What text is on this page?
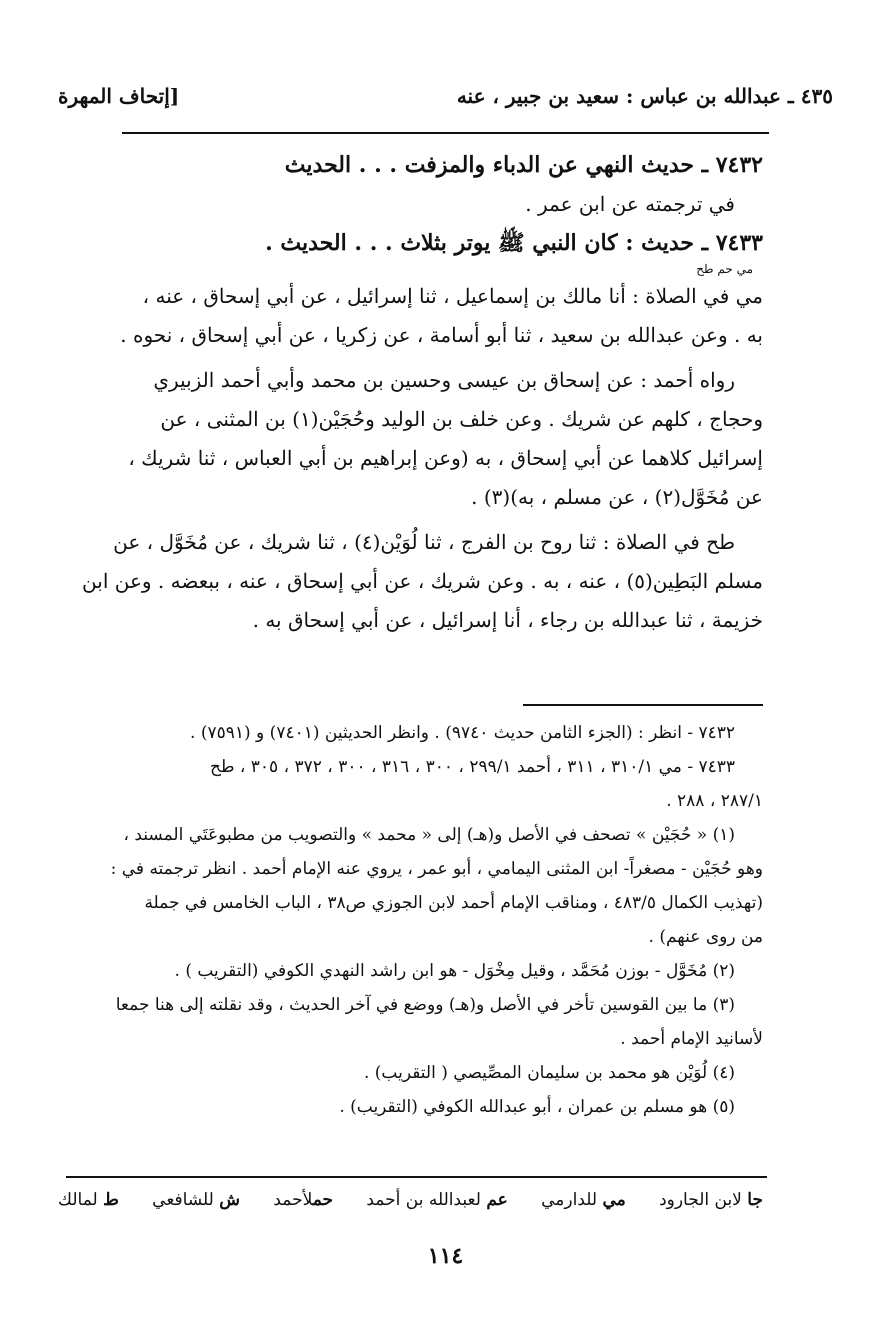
٤٣٥ ـ عبدالله بن عباس : سعيد بن جبير ، عنه
[إتحاف المهرة

٧٤٣٢ ـ حديث النهي عن الدباء والمزفت . . . الحديث

في ترجمته عن ابن عمر .

٧٤٣٣ ـ حديث : كان النبي ﷺ يوتر بثلاث . . . الحديث .

مي حم طح

مي في الصلاة : أنا مالك بن إسماعيل ، ثنا إسرائيل ، عن أبي إسحاق ، عنه ،

به . وعن عبدالله بن سعيد ، ثنا أبو أسامة ، عن زكريا ، عن أبي إسحاق ، نحوه .

رواه أحمد : عن إسحاق بن عيسى وحسين بن محمد وأبي أحمد الزبيري

وحجاج ، كلهم عن شريك . وعن خلف بن الوليد وحُجَيْن(١) بن المثنى ، عن

إسرائيل كلاهما عن أبي إسحاق ، به (وعن إبراهيم بن أبي العباس ، ثنا شريك ،

عن مُخَوَّل(٢) ، عن مسلم ، به)(٣) .

طح في الصلاة : ثنا روح بن الفرج ، ثنا لُوَيْن(٤) ، ثنا شريك ، عن مُخَوَّل ، عن

مسلم البَطِين(٥) ، عنه ، به . وعن شريك ، عن أبي إسحاق ، عنه ، ببعضه . وعن ابن

خزيمة ، ثنا عبدالله بن رجاء ، أنا إسرائيل ، عن أبي إسحاق به .

٧٤٣٢ - انظر : (الجزء الثامن حديث ٩٧٤٠) . وانظر الحديثين (٧٤٠١) و (٧٥٩١) .

٧٤٣٣ - مي ٣١٠/١ ، ٣١١ ، أحمد ٢٩٩/١ ، ٣٠٠ ، ٣١٦ ، ٣٠٠ ، ٣٧٢ ، ٣٠٥ ، طح

٢٨٧/١ ، ٢٨٨ .

(١) « حُجَيْن » تصحف في الأصل و(هـ) إلى « محمد » والتصويب من مطبوعَتَي المسند ،

وهو حُجَيْن - مصغراً- ابن المثنى اليمامي ، أبو عمر ، يروي عنه الإمام أحمد . انظر ترجمته في :

(تهذيب الكمال ٤٨٣/٥ ، ومناقب الإمام أحمد لابن الجوزي ص٣٨ ، الباب الخامس في جملة

من روى عنهم) .

(٢) مُخَوَّل - بوزن مُحَمَّد ، وقيل مِخْوَل - هو ابن راشد النهدي الكوفي (التقريب ) .

(٣) ما بين القوسين تأخر في الأصل و(هـ) ووضع في آخر الحديث ، وقد نقلته إلى هنا جمعا

لأسانيد الإمام أحمد .

(٤) لُوَيْن هو محمد بن سليمان المصِّيصي ( التقريب) .

(٥) هو مسلم بن عمران ، أبو عبدالله الكوفي (التقريب) .

ط لمالك	ش للشافعي	حملأحمد	عم لعبدالله بن أحمد	مي للدارمي	جا لابن الجارود
١١٤
